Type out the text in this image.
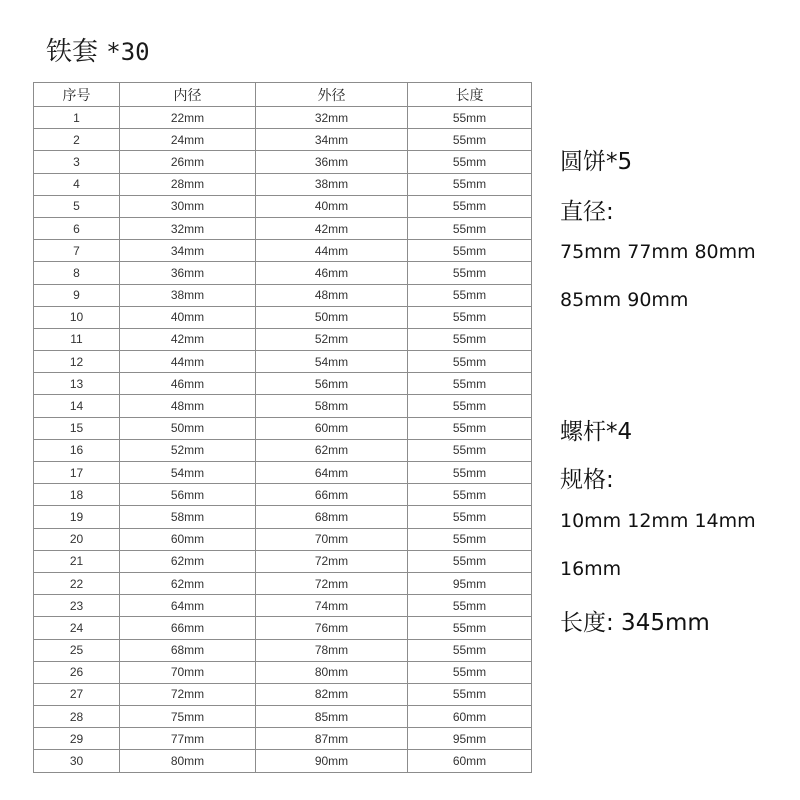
铁套 *30
序号	内径	外径	长度
1	22mm	32mm	55mm
2	24mm	34mm	55mm
3	26mm	36mm	55mm
4	28mm	38mm	55mm
5	30mm	40mm	55mm
6	32mm	42mm	55mm
7	34mm	44mm	55mm
8	36mm	46mm	55mm
9	38mm	48mm	55mm
10	40mm	50mm	55mm
11	42mm	52mm	55mm
12	44mm	54mm	55mm
13	46mm	56mm	55mm
14	48mm	58mm	55mm
15	50mm	60mm	55mm
16	52mm	62mm	55mm
17	54mm	64mm	55mm
18	56mm	66mm	55mm
19	58mm	68mm	55mm
20	60mm	70mm	55mm
21	62mm	72mm	55mm
22	62mm	72mm	95mm
23	64mm	74mm	55mm
24	66mm	76mm	55mm
25	68mm	78mm	55mm
26	70mm	80mm	55mm
27	72mm	82mm	55mm
28	75mm	85mm	60mm
29	77mm	87mm	95mm
30	80mm	90mm	60mm
圆饼*5
直径:
75mm 77mm 80mm
85mm 90mm
螺杆*4
规格:
10mm 12mm 14mm
16mm
长度: 345mm
